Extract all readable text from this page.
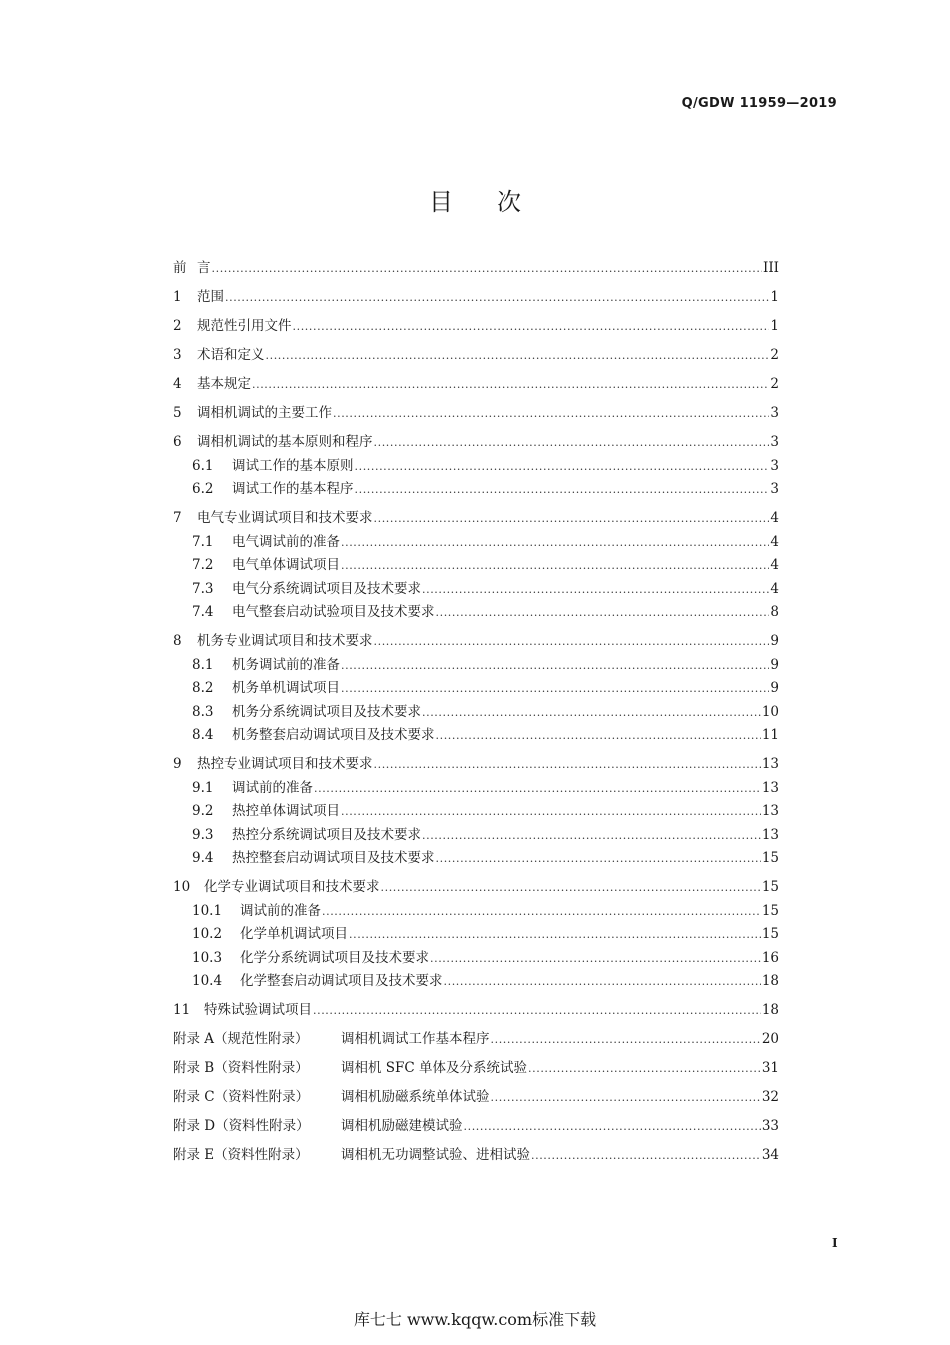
Q/GDW 11959—2019
目 次
前 言 .....	III
1	范围 .....	1
2	规范性引用文件 .....	1
3	术语和定义 .....	2
4	基本规定 .....	2
5	调相机调试的主要工作 .....	3
6	调相机调试的基本原则和程序 .....	3
6.1	调试工作的基本原则 .....	3
6.2	调试工作的基本程序 .....	3
7	电气专业调试项目和技术要求 .....	4
7.1	电气调试前的准备 .....	4
7.2	电气单体调试项目 .....	4
7.3	电气分系统调试项目及技术要求 .....	4
7.4	电气整套启动试验项目及技术要求 .....	8
8	机务专业调试项目和技术要求 .....	9
8.1	机务调试前的准备 .....	9
8.2	机务单机调试项目 .....	9
8.3	机务分系统调试项目及技术要求 .....	10
8.4	机务整套启动调试项目及技术要求 .....	11
9	热控专业调试项目和技术要求 .....	13
9.1	调试前的准备 .....	13
9.2	热控单体调试项目 .....	13
9.3	热控分系统调试项目及技术要求 .....	13
9.4	热控整套启动调试项目及技术要求 .....	15
10	化学专业调试项目和技术要求 .....	15
10.1	调试前的准备 .....	15
10.2	化学单机调试项目 .....	15
10.3	化学分系统调试项目及技术要求 .....	16
10.4	化学整套启动调试项目及技术要求 .....	18
11	特殊试验调试项目 .....	18
附录 A（规范性附录）	调相机调试工作基本程序 .....	20
附录 B（资料性附录）	调相机 SFC 单体及分系统试验 .....	31
附录 C（资料性附录）	调相机励磁系统单体试验 .....	32
附录 D（资料性附录）	调相机励磁建模试验 .....	33
附录 E（资料性附录）	调相机无功调整试验、进相试验 .....	34
I
库七七 www.kqqw.com标准下载
